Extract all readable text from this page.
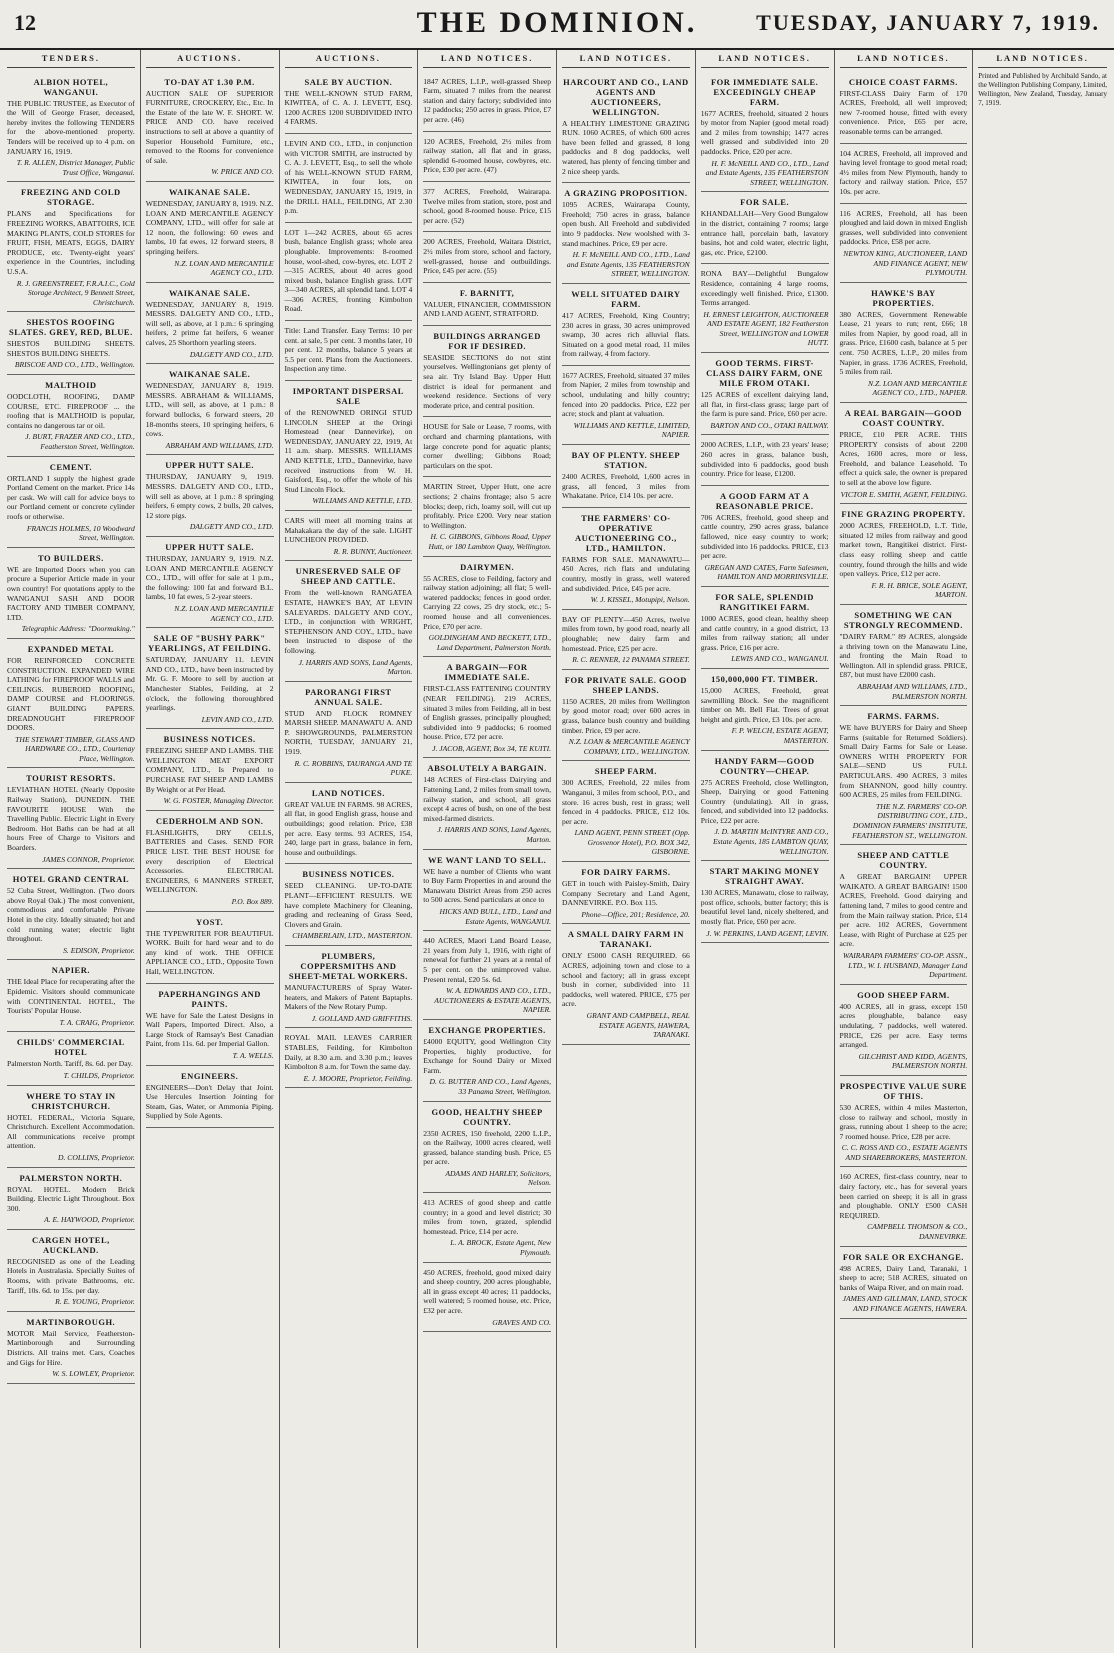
12	THE DOMINION.	TUESDAY, JANUARY 7, 1919.
TENDERS.
ALBION HOTEL, WANGANUI.
THE PUBLIC TRUSTEE, as Executor of the Will of George Fraser, deceased, hereby invites the following TENDERS for the above-mentioned property. Tenders will be received up to 4 p.m. on JANUARY 16, 1919.
T. R. ALLEN, District Manager, Public Trust Office, Wanganui.
FREEZING AND COLD STORAGE.
PLANS and Specifications for FREEZING WORKS, ABATTOIRS, ICE MAKING PLANTS, COLD STORES for FRUIT, FISH, MEATS, EGGS, DAIRY PRODUCE, etc. Twenty-eight years' experience in the Countries, including U.S.A.
R. J. GREENSTREET, F.R.A.I.C., Cold Storage Architect, 9 Bennett Street, Christchurch.
SHESTOS ROOFING SLATES. GREY, RED, BLUE.
SHESTOS BUILDING SHEETS. SHESTOS BUILDING SHEETS.
BRISCOE AND CO., LTD., Wellington.
MALTHOID
OODCLOTH, ROOFING, DAMP COURSE, ETC. FIREPROOF ... the roofing that is MALTHOID is popular, contains no dangerous tar or oil.
J. BURT, FRAZER AND CO., LTD., Featherston Street, Wellington.
CEMENT.
ORTLAND I supply the highest grade Portland Cement on the market. Price 14s per cask. We will call for advice boys to our Portland cement or concrete cylinder roofs or otherwise.
FRANCIS HOLMES, 10 Woodward Street, Wellington.
TO BUILDERS.
WE are Imported Doors when you can procure a Superior Article made in your own country! For quotations apply to the WANGANUI SASH AND DOOR FACTORY AND TIMBER COMPANY, LTD.
Telegraphic Address: "Doormaking."
EXPANDED METAL
FOR REINFORCED CONCRETE CONSTRUCTION. EXPANDED WIRE LATHING for FIREPROOF WALLS and CEILINGS. RUBEROID ROOFING, DAMP COURSE and FLOORINGS. GIANT BUILDING PAPERS. DREADNOUGHT FIREPROOF DOORS.
THE STEWART TIMBER, GLASS AND HARDWARE CO., LTD., Courtenay Place, Wellington.
TOURIST RESORTS.
LEVIATHAN HOTEL (Nearly Opposite Railway Station), DUNEDIN. THE FAVOURITE HOUSE With the Travelling Public. Electric Light in Every Bedroom. Hot Baths can be had at all hours Free of Charge to Visitors and Boarders.
JAMES CONNOR, Proprietor.
HOTEL GRAND CENTRAL
52 Cuba Street, Wellington. (Two doors above Royal Oak.) The most convenient, commodious and comfortable Private Hotel in the city. Ideally situated; hot and cold running water; electric light throughout.
S. EDISON, Proprietor.
NAPIER.
THE Ideal Place for recuperating after the Epidemic. Visitors should communicate with CONTINENTAL HOTEL, The Tourists' Popular House.
T. A. CRAIG, Proprietor.
CHILDS' COMMERCIAL HOTEL
Palmerston North. Tariff, 8s. 6d. per Day.
T. CHILDS, Proprietor.
WHERE TO STAY IN CHRISTCHURCH.
HOTEL FEDERAL, Victoria Square, Christchurch. Excellent Accommodation. All communications receive prompt attention.
D. COLLINS, Proprietor.
PALMERSTON NORTH.
ROYAL HOTEL. Modern Brick Building. Electric Light Throughout. Box 300.
A. E. HAYWOOD, Proprietor.
CARGEN HOTEL, AUCKLAND.
RECOGNISED as one of the Leading Hotels in Australasia. Specially Suites of Rooms, with private Bathrooms, etc. Tariff, 10s. 6d. to 15s. per day.
R. E. YOUNG, Proprietor.
MARTINBOROUGH.
MOTOR Mail Service, Featherston-Martinborough and Surrounding Districts. All trains met. Cars, Coaches and Gigs for Hire.
W. S. LOWLEY, Proprietor.
AUCTIONS.
TO-DAY AT 1.30 P.M.
AUCTION SALE OF SUPERIOR FURNITURE, CROCKERY, Etc., Etc. In the Estate of the late W. F. SHORT. W. PRICE AND CO. have received instructions to sell at above a quantity of Superior Household Furniture, etc., removed to the Rooms for convenience of sale.
W. PRICE AND CO.
WAIKANAE SALE.
WEDNESDAY, JANUARY 8, 1919. N.Z. LOAN AND MERCANTILE AGENCY COMPANY, LTD., will offer for sale at 12 noon, the following: 60 ewes and lambs, 10 fat ewes, 12 forward steers, 8 springing heifers.
N.Z. LOAN AND MERCANTILE AGENCY CO., LTD.
WAIKANAE SALE.
WEDNESDAY, JANUARY 8, 1919. MESSRS. DALGETY AND CO., LTD., will sell, as above, at 1 p.m.: 6 springing heifers, 2 prime fat heifers, 6 weaner calves, 25 Shorthorn yearling steers.
DALGETY AND CO., LTD.
WAIKANAE SALE.
WEDNESDAY, JANUARY 8, 1919. MESSRS. ABRAHAM & WILLIAMS, LTD., will sell, as above, at 1 p.m.: 8 forward bullocks, 6 forward steers, 20 18-months steers, 10 springing heifers, 6 cows.
ABRAHAM AND WILLIAMS, LTD.
UPPER HUTT SALE.
THURSDAY, JANUARY 9, 1919. MESSRS. DALGETY AND CO., LTD., will sell as above, at 1 p.m.: 8 springing heifers, 6 empty cows, 2 bulls, 20 calves, 12 store pigs.
DALGETY AND CO., LTD.
UPPER HUTT SALE.
THURSDAY, JANUARY 9, 1919. N.Z. LOAN AND MERCANTILE AGENCY CO., LTD., will offer for sale at 1 p.m., the following: 100 fat and forward B.L. lambs, 10 fat ewes, 5 2-year steers.
N.Z. LOAN AND MERCANTILE AGENCY CO., LTD.
SALE OF "BUSHY PARK" YEARLINGS, AT FEILDING.
SATURDAY, JANUARY 11. LEVIN AND CO., LTD., have been instructed by Mr. G. F. Moore to sell by auction at Manchester Stables, Feilding, at 2 o'clock, the following thoroughbred yearlings.
LEVIN AND CO., LTD.
BUSINESS NOTICES.
FREEZING SHEEP AND LAMBS. THE WELLINGTON MEAT EXPORT COMPANY, LTD., Is Prepared to PURCHASE FAT SHEEP AND LAMBS By Weight or at Per Head.
W. G. FOSTER, Managing Director.
CEDERHOLM AND SON.
FLASHLIGHTS, DRY CELLS, BATTERIES and Cases. SEND FOR PRICE LIST. THE BEST HOUSE for every description of Electrical Accessories. ELECTRICAL ENGINEERS, 6 MANNERS STREET, WELLINGTON.
P.O. Box 889.
YOST.
THE TYPEWRITER FOR BEAUTIFUL WORK. Built for hard wear and to do any kind of work. THE OFFICE APPLIANCE CO., LTD., Opposite Town Hall, WELLINGTON.
PAPERHANGINGS AND PAINTS.
WE have for Sale the Latest Designs in Wall Papers, Imported Direct. Also, a Large Stock of Ramsay's Best Canadian Paint, from 11s. 6d. per Imperial Gallon.
T. A. WELLS.
ENGINEERS.
ENGINEERS—Don't Delay that Joint. Use Hercules Insertion Jointing for Steam, Gas, Water, or Ammonia Piping. Supplied by Sole Agents.
AUCTIONS.
SALE BY AUCTION.
THE WELL-KNOWN STUD FARM, KIWITEA, of C. A. J. LEVETT, ESQ. 1200 ACRES 1200 SUBDIVIDED INTO 4 FARMS.
LEVIN AND CO., LTD., in conjunction with VICTOR SMITH, are instructed by C. A. J. LEVETT, Esq., to sell the whole of his WELL-KNOWN STUD FARM, KIWITEA, in four lots, on WEDNESDAY, JANUARY 15, 1919, in the DRILL HALL, FEILDING, AT 2.30 p.m.
LOT 1—242 ACRES, about 65 acres bush, balance English grass; whole area ploughable. Improvements: 8-roomed house, wool-shed, cow-byres, etc. LOT 2—315 ACRES, about 40 acres good mixed bush, balance English grass. LOT 3—340 ACRES, all splendid land. LOT 4—306 ACRES, fronting Kimbolton Road.
Title: Land Transfer. Easy Terms: 10 per cent. at sale, 5 per cent. 3 months later, 10 per cent. 12 months, balance 5 years at 5.5 per cent. Plans from the Auctioneers. Inspection any time.
IMPORTANT DISPERSAL SALE
of the RENOWNED ORINGI STUD LINCOLN SHEEP at the Oringi Homestead (near Dannevirke), on WEDNESDAY, JANUARY 22, 1919, At 11 a.m. sharp. MESSRS. WILLIAMS AND KETTLE, LTD., Dannevirke, have received instructions from W. H. Gaisford, Esq., to offer the whole of his Stud Lincoln Flock.
WILLIAMS AND KETTLE, LTD.
CARS will meet all morning trains at Mahakakara the day of the sale. LIGHT LUNCHEON PROVIDED.
R. R. BUNNY, Auctioneer.
UNRESERVED SALE OF SHEEP AND CATTLE.
From the well-known RANGATEA ESTATE, HAWKE'S BAY, AT LEVIN SALEYARDS. DALGETY AND COY., LTD., in conjunction with WRIGHT, STEPHENSON AND COY., LTD., have been instructed to dispose of the following.
J. HARRIS AND SONS, Land Agents, Marton.
PARORANGI FIRST ANNUAL SALE.
STUD AND FLOCK ROMNEY MARSH SHEEP. MANAWATU A. AND P. SHOWGROUNDS, PALMERSTON NORTH, TUESDAY, JANUARY 21, 1919.
R. C. ROBBINS, TAURANGA AND TE PUKE.
LAND NOTICES.
GREAT VALUE IN FARMS. 98 ACRES, all flat, in good English grass, house and outbuildings; good relation. Price, £38 per acre. Easy terms. 93 ACRES, 154, 240, large part in grass, balance in fern, house and outbuildings.
BUSINESS NOTICES.
SEED CLEANING. UP-TO-DATE PLANT—EFFICIENT RESULTS. WE have complete Machinery for Cleaning, grading and recleaning of Grass Seed, Clovers and Grain.
CHAMBERLAIN, LTD., MASTERTON.
PLUMBERS, COPPERSMITHS AND SHEET-METAL WORKERS.
MANUFACTURERS of Spray Water-heaters, and Makers of Patent Baptaphs. Makers of the New Rotary Pump.
J. GOLLAND AND GRIFFITHS.
ROYAL MAIL LEAVES CARRIER STABLES, Feilding, for Kimbolton Daily, at 8.30 a.m. and 3.30 p.m.; leaves Kimbolton 8 a.m. for Town the same day.
E. J. MOORE, Proprietor, Feilding.
LAND NOTICES.
1847 ACRES, L.I.P., well-grassed Sheep Farm, situated 7 miles from the nearest station and dairy factory; subdivided into 12 paddocks; 250 acres in grass. Price, £7 per acre. (46)
120 ACRES, Freehold, 2½ miles from railway station, all flat and in grass, splendid 6-roomed house, cowbyres, etc. Price, £30 per acre. (47)
377 ACRES, Freehold, Wairarapa. Twelve miles from station, store, post and school, good 8-roomed house. Price, £15 per acre. (52)
200 ACRES, Freehold, Waitara District, 2½ miles from store, school and factory, well-grassed, house and outbuildings. Price, £45 per acre. (55)
F. BARNITT,
VALUER, FINANCIER, COMMISSION AND LAND AGENT, STRATFORD.
BUILDINGS ARRANGED FOR IF DESIRED.
SEASIDE SECTIONS do not stint yourselves. Wellingtonians get plenty of sea air. Try Island Bay. Upper Hutt district is ideal for permanent and weekend residence. Sections of very moderate price, and central position.
HOUSE for Sale or Lease, 7 rooms, with orchard and charming plantations, with large concrete pond for aquatic plants; corner dwelling; Gibbons Road; particulars on the spot.
MARTIN Street, Upper Hutt, one acre sections; 2 chains frontage; also 5 acre blocks; deep, rich, loamy soil, will cut up profitably. Price £200. Very near station to Wellington.
H. C. GIBBONS, Gibbons Road, Upper Hutt, or 180 Lambton Quay, Wellington.
DAIRYMEN.
55 ACRES, close to Feilding, factory and railway station adjoining; all flat; 5 well-watered paddocks; fences in good order. Carrying 22 cows, 25 dry stock, etc.; 5-roomed house and all conveniences. Price, £70 per acre.
GOLDINGHAM AND BECKETT, LTD., Land Department, Palmerston North.
A BARGAIN—FOR IMMEDIATE SALE.
FIRST-CLASS FATTENING COUNTRY (NEAR FEILDING). 219 ACRES, situated 3 miles from Feilding, all in best of English grasses, principally ploughed; subdivided into 9 paddocks; 6 roomed house. Price, £72 per acre.
J. JACOB, AGENT, Box 34, TE KUITI.
ABSOLUTELY A BARGAIN.
148 ACRES of First-class Dairying and Fattening Land, 2 miles from small town, railway station, and school, all grass except 4 acres of bush, on one of the best mixed-farmed districts.
J. HARRIS AND SONS, Land Agents, Marton.
WE WANT LAND TO SELL.
WE have a number of Clients who want to Buy Farm Properties in and around the Manawatu District Areas from 250 acres to 500 acres. Send particulars at once to
HICKS AND BULL, LTD., Land and Estate Agents, WANGANUI.
440 ACRES, Maori Land Board Lease, 21 years from July 1, 1916, with right of renewal for further 21 years at a rental of 5 per cent. on the unimproved value. Present rental, £20 5s. 6d.
W. A. EDWARDS AND CO., LTD., AUCTIONEERS & ESTATE AGENTS, NAPIER.
EXCHANGE PROPERTIES.
£4000 EQUITY, good Wellington City Properties, highly productive, for Exchange for Sound Dairy or Mixed Farm.
D. G. BUTTER AND CO., Land Agents, 33 Panama Street, Wellington.
GOOD, HEALTHY SHEEP COUNTRY.
2350 ACRES, 150 freehold, 2200 L.I.P., on the Railway, 1000 acres cleared, well grassed, balance standing bush. Price, £5 per acre.
ADAMS AND HARLEY, Solicitors, Nelson.
413 ACRES of good sheep and cattle country; in a good and level district; 30 miles from town, grazed, splendid homestead. Price, £14 per acre.
L. A. BROCK, Estate Agent, New Plymouth.
450 ACRES, freehold, good mixed dairy and sheep country, 200 acres ploughable, all in grass except 40 acres; 11 paddocks, well watered; 5 roomed house, etc. Price, £32 per acre.
GRAVES AND CO.
LAND NOTICES.
HARCOURT AND CO., LAND AGENTS AND AUCTIONEERS, WELLINGTON.
A HEALTHY LIMESTONE GRAZING RUN. 1060 ACRES, of which 600 acres have been felled and grassed, 8 long paddocks and 8 dog paddocks, well watered, has plenty of fencing timber and 2 nice sheep yards.
A GRAZING PROPOSITION.
1095 ACRES, Wairarapa County, Freehold; 750 acres in grass, balance open bush. All Freehold and subdivided into 9 paddocks. New woolshed with 3-stand machines. Price, £9 per acre.
H. F. McNEILL AND CO., LTD., Land and Estate Agents, 135 FEATHERSTON STREET, WELLINGTON.
WELL SITUATED DAIRY FARM.
417 ACRES, Freehold, King Country; 230 acres in grass, 30 acres unimproved swamp, 30 acres rich alluvial flats. Situated on a good metal road, 11 miles from railway, 4 from factory.
1677 ACRES, Freehold, situated 37 miles from Napier, 2 miles from township and school, undulating and hilly country; fenced into 20 paddocks. Price, £22 per acre; stock and plant at valuation.
WILLIAMS AND KETTLE, LIMITED, NAPIER.
BAY OF PLENTY. SHEEP STATION.
2400 ACRES, Freehold, 1,600 acres in grass, all fenced, 3 miles from Whakatane. Price, £14 10s. per acre.
THE FARMERS' CO-OPERATIVE AUCTIONEERING CO., LTD., HAMILTON.
FARMS FOR SALE. MANAWATU—450 Acres, rich flats and undulating country, mostly in grass, well watered and subdivided. Price, £45 per acre.
W. J. KISSEL, Motupipi, Nelson.
BAY OF PLENTY—450 Acres, twelve miles from town, by good road, nearly all ploughable; new dairy farm and homestead. Price, £25 per acre.
R. C. RENNER, 12 PANAMA STREET.
FOR PRIVATE SALE. GOOD SHEEP LANDS.
1150 ACRES, 20 miles from Wellington by good motor road; over 600 acres in grass, balance bush country and building timber. Price, £9 per acre.
N.Z. LOAN & MERCANTILE AGENCY COMPANY, LTD., WELLINGTON.
SHEEP FARM.
300 ACRES, Freehold, 22 miles from Wanganui, 3 miles from school, P.O., and store. 16 acres bush, rest in grass; well fenced in 4 paddocks. PRICE, £12 10s. per acre.
LAND AGENT, PENN STREET (Opp. Grosvenor Hotel), P.O. BOX 342, GISBORNE.
FOR DAIRY FARMS.
GET in touch with Paisley-Smith, Dairy Company Secretary and Land Agent, DANNEVIRKE. P.O. Box 115.
Phone—Office, 201; Residence, 20.
A SMALL DAIRY FARM IN TARANAKI.
ONLY £5000 CASH REQUIRED. 66 ACRES, adjoining town and close to a school and factory; all in grass except bush in corner, subdivided into 11 paddocks, well watered. PRICE, £75 per acre.
GRANT AND CAMPBELL, REAL ESTATE AGENTS, HAWERA, TARANAKI.
LAND NOTICES.
FOR IMMEDIATE SALE. EXCEEDINGLY CHEAP FARM.
1677 ACRES, freehold, situated 2 hours by motor from Napier (good metal road) and 2 miles from township; 1477 acres well grassed and subdivided into 20 paddocks. Price, £20 per acre.
H. F. McNEILL AND CO., LTD., Land and Estate Agents, 135 FEATHERSTON STREET, WELLINGTON.
FOR SALE.
KHANDALLAH—Very Good Bungalow in the district, containing 7 rooms; large entrance hall, porcelain bath, lavatory basins, hot and cold water, electric light, gas, etc. Price, £2100.
RONA BAY—Delightful Bungalow Residence, containing 4 large rooms, exceedingly well finished. Price, £1300. Terms arranged.
H. ERNEST LEIGHTON, AUCTIONEER AND ESTATE AGENT, 182 Featherston Street, WELLINGTON and LOWER HUTT.
GOOD TERMS. FIRST-CLASS DAIRY FARM, ONE MILE FROM OTAKI.
125 ACRES of excellent dairying land, all flat, in first-class grass; large part of the farm is pure sand. Price, £60 per acre.
BARTON AND CO., OTAKI RAILWAY.
2000 ACRES, L.I.P., with 23 years' lease; 260 acres in grass, balance bush, subdivided into 6 paddocks, good bush country. Price for lease, £1200.
A GOOD FARM AT A REASONABLE PRICE.
706 ACRES, freehold, good sheep and cattle country, 290 acres grass, balance fallowed, nice easy country to work; subdivided into 16 paddocks. PRICE, £13 per acre.
GREGAN AND CATES, Farm Salesmen, HAMILTON AND MORRINSVILLE.
FOR SALE, SPLENDID RANGITIKEI FARM.
1000 ACRES, good clean, healthy sheep and cattle country, in a good district, 13 miles from railway station; all under grass. Price, £16 per acre.
LEWIS AND CO., WANGANUI.
150,000,000 FT. TIMBER.
15,000 ACRES, Freehold, great sawmilling Block. See the magnificent timber on Mt. Bell Flat. Trees of great height and girth. Price, £3 10s. per acre.
F. P. WELCH, ESTATE AGENT, MASTERTON.
HANDY FARM—GOOD COUNTRY—CHEAP.
275 ACRES Freehold, close Wellington, Sheep, Dairying or good Fattening Country (undulating). All in grass, fenced, and subdivided into 12 paddocks. Price, £22 per acre.
J. D. MARTIN McINTYRE AND CO., Estate Agents, 185 LAMBTON QUAY, WELLINGTON.
START MAKING MONEY STRAIGHT AWAY.
130 ACRES, Manawatu, close to railway, post office, schools, butter factory; this is beautiful level land, nicely sheltered, and mostly flat. Price, £60 per acre.
J. W. PERKINS, LAND AGENT, LEVIN.
LAND NOTICES.
CHOICE COAST FARMS.
FIRST-CLASS Dairy Farm of 170 ACRES, Freehold, all well improved; new 7-roomed house, fitted with every convenience. Price, £65 per acre, reasonable terms can be arranged.
104 ACRES, Freehold, all improved and having level frontage to good metal road; 4½ miles from New Plymouth, handy to factory and railway station. Price, £57 10s. per acre.
116 ACRES, Freehold, all has been ploughed and laid down in mixed English grasses, well subdivided into convenient paddocks. Price, £58 per acre.
NEWTON KING, AUCTIONEER, LAND AND FINANCE AGENT, NEW PLYMOUTH.
HAWKE'S BAY PROPERTIES.
380 ACRES, Government Renewable Lease, 21 years to run; rent, £66; 18 miles from Napier, by good road, all in grass. Price, £1600 cash, balance at 5 per cent. 750 ACRES, L.I.P., 20 miles from Napier, in grass. 1736 ACRES, Freehold, 5 miles from rail.
N.Z. LOAN AND MERCANTILE AGENCY CO., LTD., NAPIER.
A REAL BARGAIN—GOOD COAST COUNTRY.
PRICE, £10 PER ACRE. THIS PROPERTY consists of about 2200 Acres, 1600 acres, more or less, Freehold, and balance Leasehold. To effect a quick sale, the owner is prepared to sell at the above low figure.
VICTOR E. SMITH, AGENT, FEILDING.
FINE GRAZING PROPERTY.
2000 ACRES, FREEHOLD, L.T. Title, situated 12 miles from railway and good market town, Rangitikei district. First-class easy rolling sheep and cattle country, found through the hills and wide open valleys. Price, £12 per acre.
F. R. H. BRICE, SOLE AGENT, MARTON.
SOMETHING WE CAN STRONGLY RECOMMEND.
"DAIRY FARM." 89 ACRES, alongside a thriving town on the Manawatu Line, and fronting the Main Road to Wellington. All in splendid grass. PRICE, £87, but must have £2000 cash.
ABRAHAM AND WILLIAMS, LTD., PALMERSTON NORTH.
FARMS. FARMS.
WE have BUYERS for Dairy and Sheep Farms (suitable for Returned Soldiers). Small Dairy Farms for Sale or Lease. OWNERS WITH PROPERTY FOR SALE—SEND US FULL PARTICULARS. 490 ACRES, 3 miles from SHANNON, good hilly country. 600 ACRES, 25 miles from FEILDING.
THE N.Z. FARMERS' CO-OP. DISTRIBUTING COY., LTD., DOMINION FARMERS' INSTITUTE, FEATHERSTON ST., WELLINGTON.
SHEEP AND CATTLE COUNTRY.
A GREAT BARGAIN! UPPER WAIKATO. A GREAT BARGAIN! 1500 ACRES, Freehold. Good dairying and fattening land, 7 miles to good centre and from the Main railway station. Price, £14 per acre. 102 ACRES, Government Lease, with Right of Purchase at £25 per acre.
WAIRARAPA FARMERS' CO-OP. ASSN., LTD., W. I. HUSBAND, Manager Land Department.
GOOD SHEEP FARM.
400 ACRES, all in grass, except 150 acres ploughable, balance easy undulating, 7 paddocks, well watered. PRICE, £26 per acre. Easy terms arranged.
GILCHRIST AND KIDD, AGENTS, PALMERSTON NORTH.
PROSPECTIVE VALUE SURE OF THIS.
530 ACRES, within 4 miles Masterton, close to railway and school, mostly in grass, running about 1 sheep to the acre; 7 roomed house. Price, £28 per acre.
C. C. ROSS AND CO., ESTATE AGENTS AND SHAREBROKERS, MASTERTON.
160 ACRES, first-class country, near to dairy factory, etc., has for several years been carried on sheep; it is all in grass and ploughable. ONLY £500 CASH REQUIRED.
CAMPBELL THOMSON & CO., DANNEVIRKE.
FOR SALE OR EXCHANGE.
498 ACRES, Dairy Land, Taranaki, 1 sheep to acre; 518 ACRES, situated on banks of Waipa River, and on main road.
JAMES AND GILLMAN, LAND, STOCK AND FINANCE AGENTS, HAWERA.
LAND NOTICES.
Printed and Published by Archibald Sando, at the Wellington Publishing Company, Limited, Wellington, New Zealand, Tuesday, January 7, 1919.
